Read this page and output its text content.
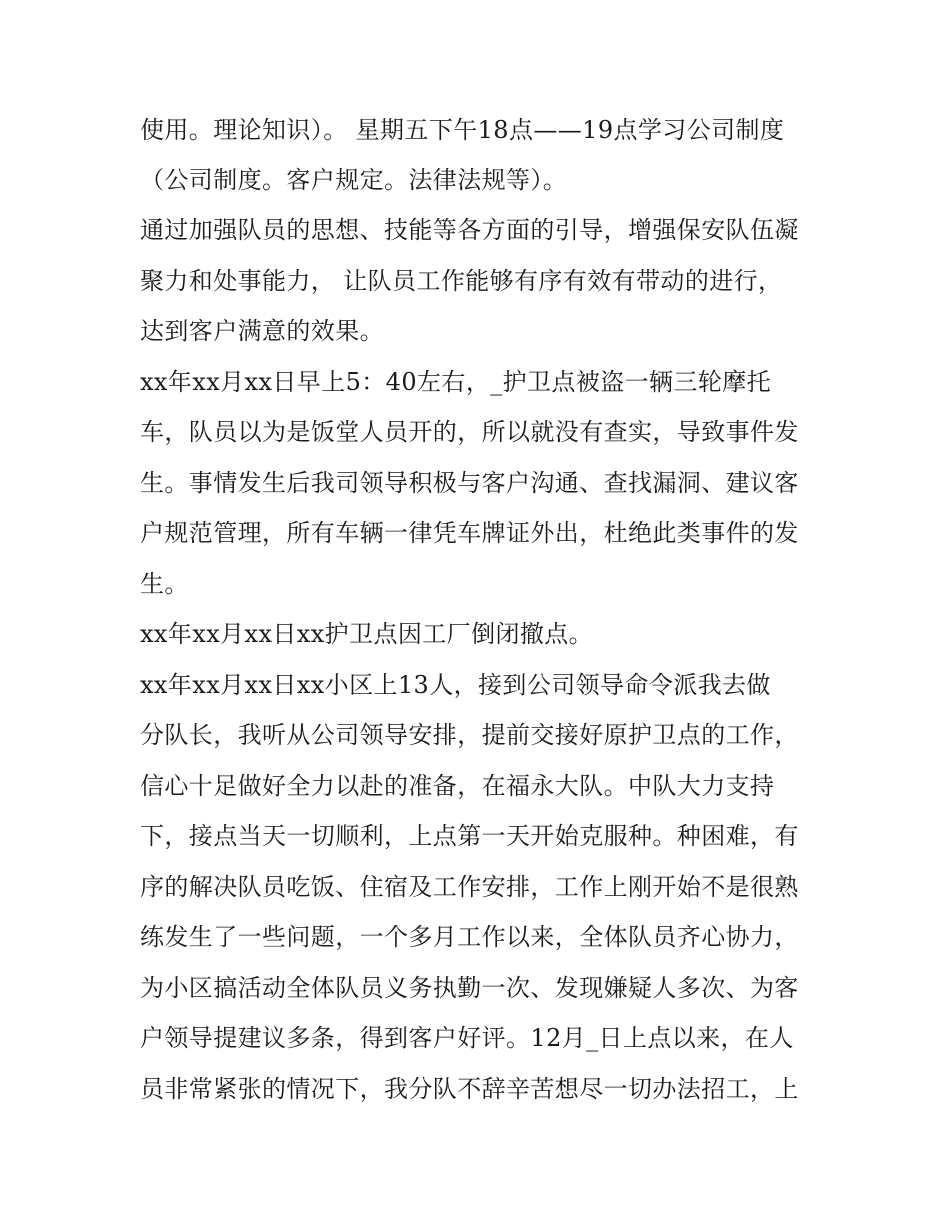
使用。理论知识）。 星期五下午18点——19点学习公司制度
（公司制度。客户规定。法律法规等）。
通过加强队员的思想、技能等各方面的引导，增强保安队伍凝
聚力和处事能力， 让队员工作能够有序有效有带动的进行，
达到客户满意的效果。
xx年xx月xx日早上5：40左右，_护卫点被盗一辆三轮摩托
车，队员以为是饭堂人员开的，所以就没有查实，导致事件发
生。事情发生后我司领导积极与客户沟通、查找漏洞、建议客
户规范管理，所有车辆一律凭车牌证外出，杜绝此类事件的发
生。
xx年xx月xx日xx护卫点因工厂倒闭撤点。
xx年xx月xx日xx小区上13人，接到公司领导命令派我去做
分队长，我听从公司领导安排，提前交接好原护卫点的工作，
信心十足做好全力以赴的准备，在福永大队。中队大力支持
下，接点当天一切顺利，上点第一天开始克服种。种困难，有
序的解决队员吃饭、住宿及工作安排，工作上刚开始不是很熟
练发生了一些问题，一个多月工作以来，全体队员齐心协力，
为小区搞活动全体队员义务执勤一次、发现嫌疑人多次、为客
户领导提建议多条，得到客户好评。12月_日上点以来，在人
员非常紧张的情况下，我分队不辞辛苦想尽一切办法招工，上
